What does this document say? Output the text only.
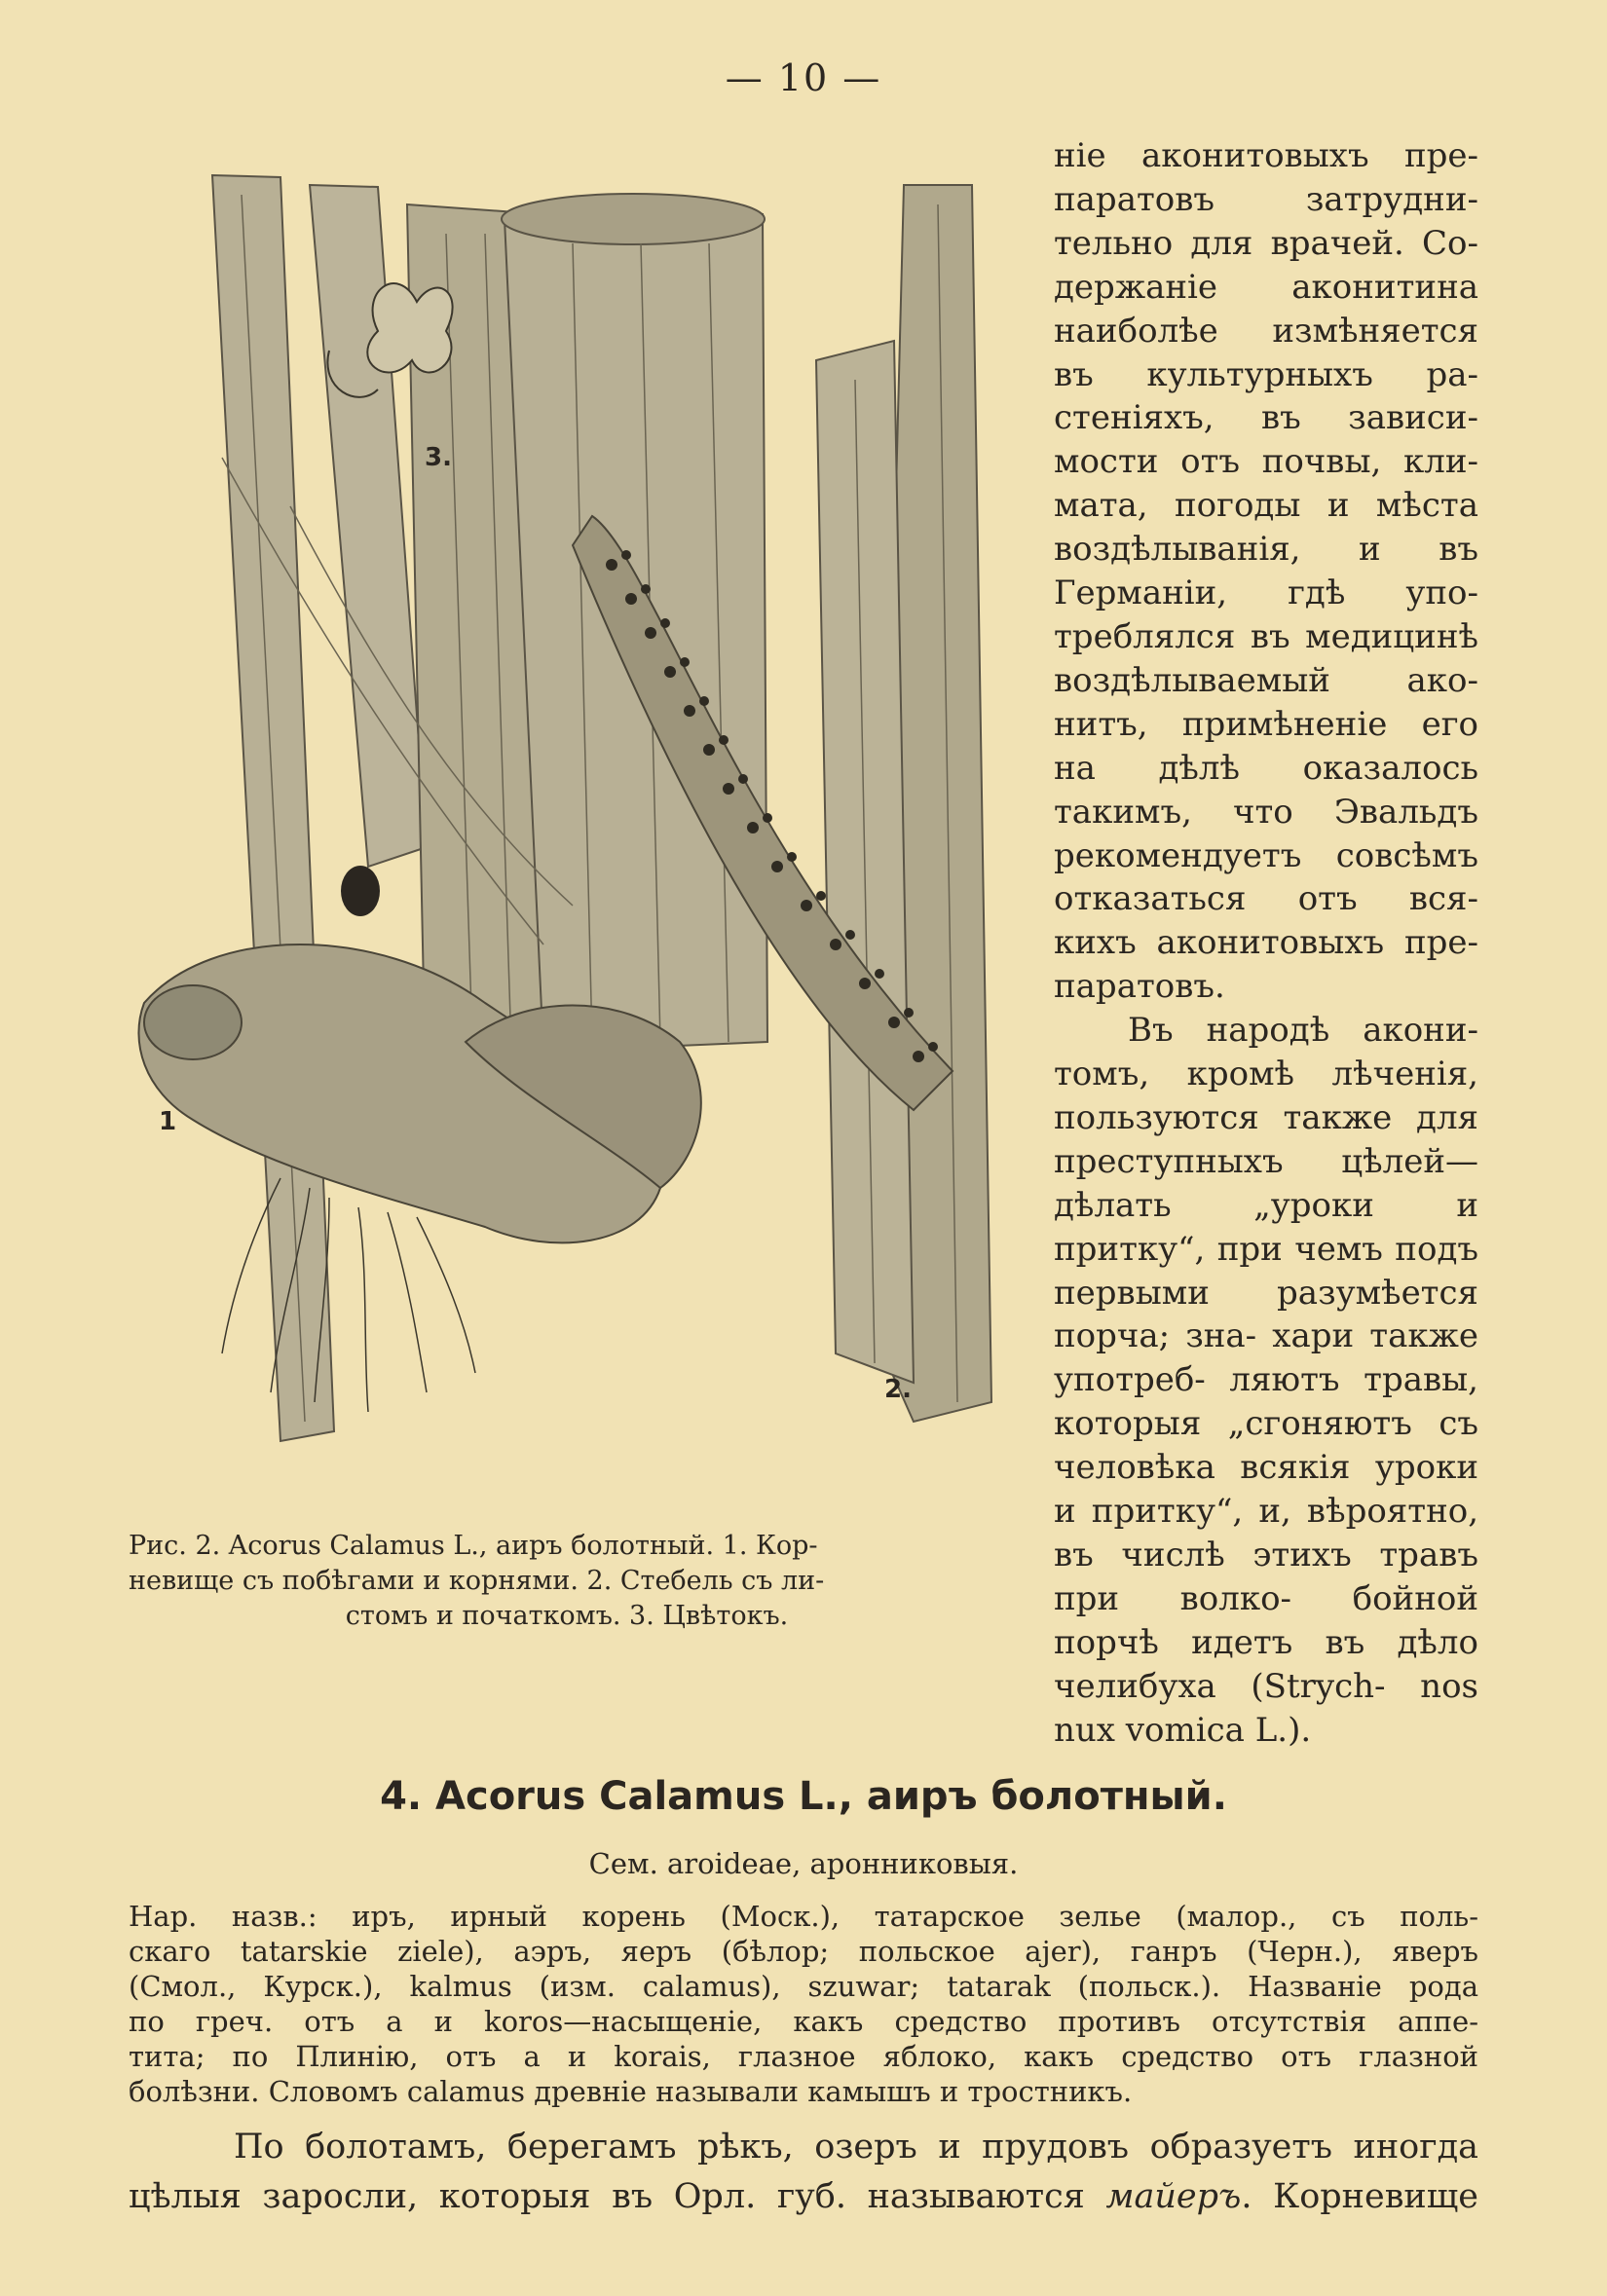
— 10 —
3.
1
2.
Рис. 2. Acorus Calamus L., аиръ болотный. 1. Кор-
невище съ побѣгами и корнями. 2. Стебель съ ли-

стомъ и початкомъ. 3. Цвѣтокъ.

ніе аконитовыхъ пре- паратовъ затрудни- тельно для врачей. Со- держаніе аконитина наиболѣе измѣняется въ культурныхъ ра- стеніяхъ, въ зависи- мости отъ почвы, кли- мата, погоды и мѣста воздѣлыванія, и въ Германіи, гдѣ упо- треблялся въ медицинѣ воздѣлываемый ако- нитъ, примѣненіе его на дѣлѣ оказалось такимъ, что Эвальдъ рекомендуетъ совсѣмъ отказаться отъ вся- кихъ аконитовыхъ пре- паратовъ.

Въ народѣ акони- томъ, кромѣ лѣченія, пользуются также для преступныхъ цѣлей— дѣлать „уроки и притку“, при чемъ подъ первыми разумѣется порча; зна- хари также употреб- ляютъ травы, которыя „сгоняютъ съ человѣка всякія уроки и притку“, и, вѣроятно, въ числѣ этихъ травъ при волко- бойной порчѣ идетъ въ дѣло челибуха (Strych- nos nux vomica L.).

4. Acorus Calamus L., аиръ болотный.
Сем. aroideae, аронниковыя.
Нар. назв.: иръ, ирный корень (Моск.), татарское зелье (малор., съ поль-
скаго tatarskie ziele), аэръ, яеръ (бѣлор; польское ajer), ганръ (Черн.), яверъ
(Смол., Курск.), kalmus (изм. calamus), szuwar; tatarak (польск.). Названіе рода
по греч. отъ а и koros—насыщеніе, какъ средство противъ отсутствія аппе-
тита; по Плинію, отъ а и korais, глазное яблоко, какъ средство отъ глазной
болѣзни. Словомъ calamus древніе называли камышъ и тростникъ.
По болотамъ, берегамъ рѣкъ, озеръ и прудовъ образуетъ иногда
цѣлыя заросли, которыя въ Орл. губ. называются майеръ. Корневище
